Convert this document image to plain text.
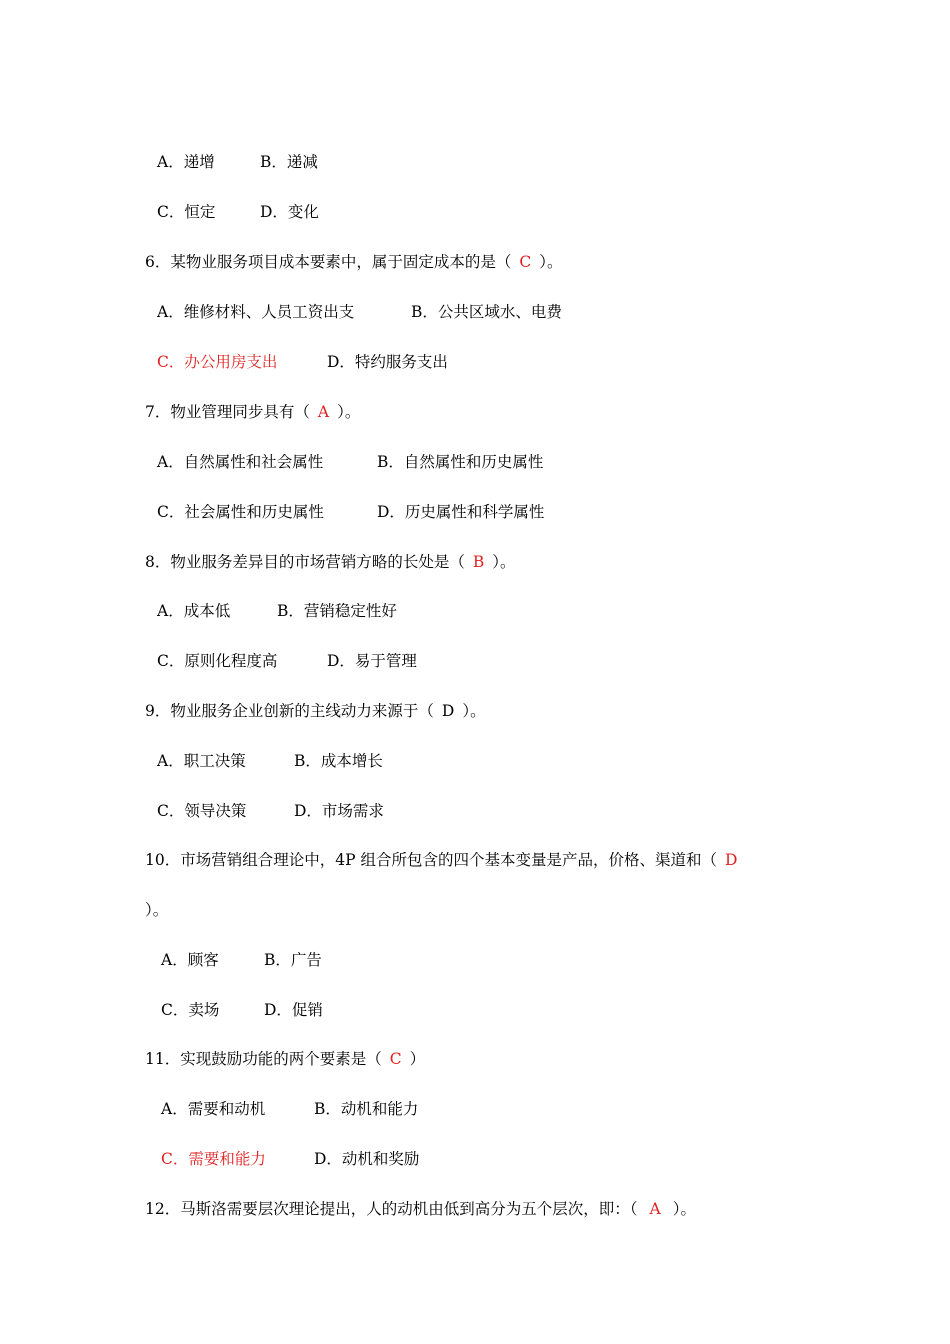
A．递增	B．递减
C．恒定	D．变化
6．某物业服务项目成本要素中，属于固定成本的是（ C ）。
A．维修材料、人员工资出支	B．公共区域水、电费
C．办公用房支出	D．特约服务支出
7．物业管理同步具有（ A ）。
A．自然属性和社会属性	B．自然属性和历史属性
C．社会属性和历史属性	D．历史属性和科学属性
8．物业服务差异目的市场营销方略的长处是（ B ）。
A．成本低	B．营销稳定性好
C．原则化程度高	D．易于管理
9．物业服务企业创新的主线动力来源于（ D ）。
A．职工决策	B．成本增长
C．领导决策	D．市场需求
10．市场营销组合理论中，4P 组合所包含的四个基本变量是产品，价格、渠道和（ D
）。
A．顾客	B．广告
C．卖场	D．促销
11．实现鼓励功能的两个要素是（ C ）
A．需要和动机	B．动机和能力
C．需要和能力	D．动机和奖励
12．马斯洛需要层次理论提出，人的动机由低到高分为五个层次，即：（ A ）。
